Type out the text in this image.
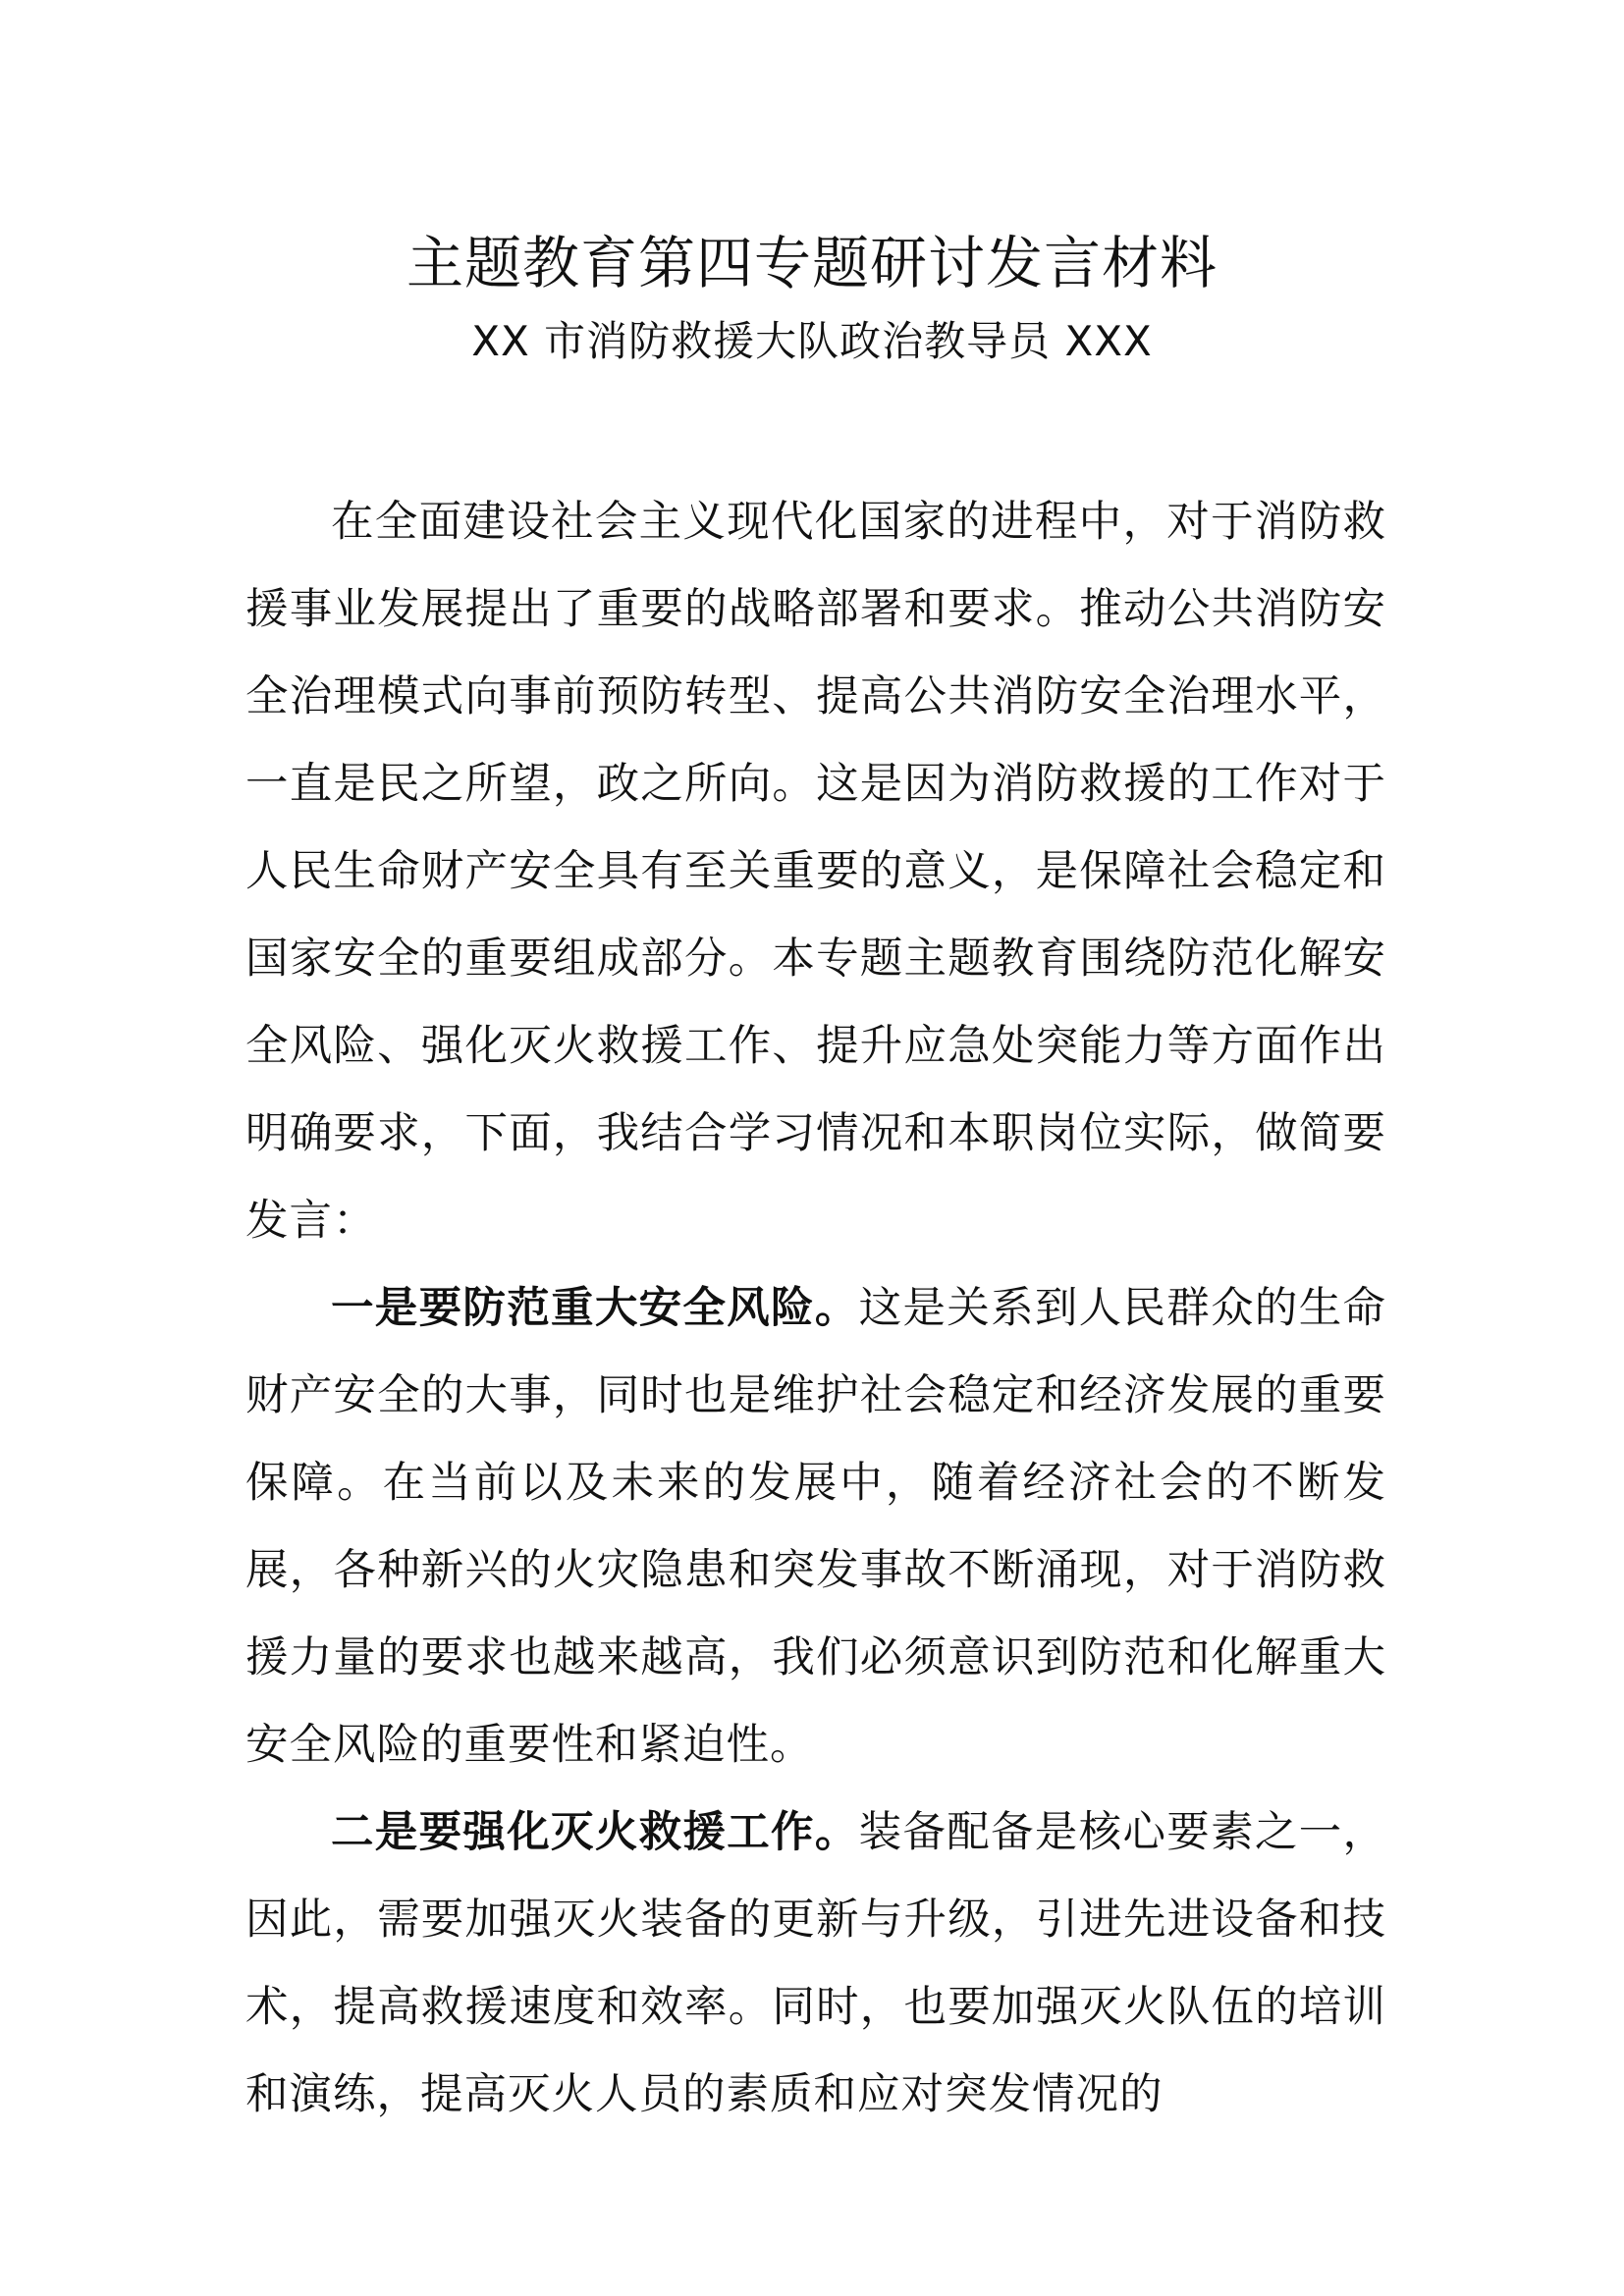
主题教育第四专题研讨发言材料
XX 市消防救援大队政治教导员 XXX

在全面建设社会主义现代化国家的进程中，对于消防救援事业发展提出了重要的战略部署和要求。推动公共消防安全治理模式向事前预防转型、提高公共消防安全治理水平，一直是民之所望，政之所向。这是因为消防救援的工作对于人民生命财产安全具有至关重要的意义，是保障社会稳定和国家安全的重要组成部分。本专题主题教育围绕防范化解安全风险、强化灭火救援工作、提升应急处突能力等方面作出明确要求，下面，我结合学习情况和本职岗位实际，做简要发言：

一是要防范重大安全风险。这是关系到人民群众的生命财产安全的大事，同时也是维护社会稳定和经济发展的重要保障。在当前以及未来的发展中，随着经济社会的不断发展，各种新兴的火灾隐患和突发事故不断涌现，对于消防救援力量的要求也越来越高，我们必须意识到防范和化解重大安全风险的重要性和紧迫性。

二是要强化灭火救援工作。装备配备是核心要素之一，因此，需要加强灭火装备的更新与升级，引进先进设备和技术，提高救援速度和效率。同时，也要加强灭火队伍的培训和演练，提高灭火人员的素质和应对突发情况的
